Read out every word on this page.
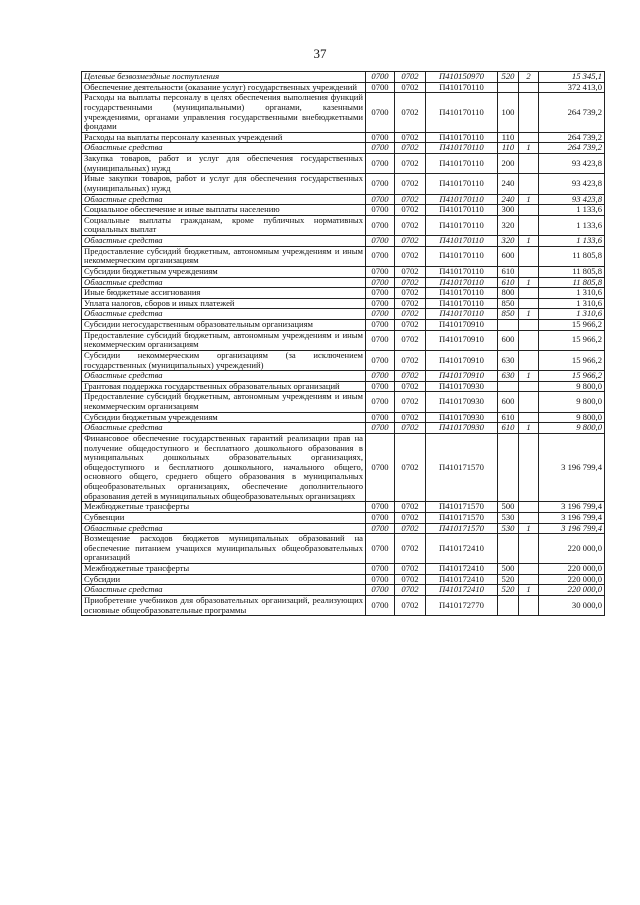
37
Целевые безвозмездные поступления	0700	0702	П410150970	520	2	15 345,1
Обеспечение деятельности (оказание услуг) государственных учреждений	0700	0702	П410170110			372 413,0
Расходы на выплаты персоналу в целях обеспечения выполнения функций государственными (муниципальными) органами, казенными учреждениями, органами управления государственными внебюджетными фондами	0700	0702	П410170110	100		264 739,2
Расходы на выплаты персоналу казенных учреждений	0700	0702	П410170110	110		264 739,2
Областные средства	0700	0702	П410170110	110	1	264 739,2
Закупка товаров, работ и услуг для обеспечения государственных (муниципальных) нужд	0700	0702	П410170110	200		93 423,8
Иные закупки товаров, работ и услуг для обеспечения государственных (муниципальных) нужд	0700	0702	П410170110	240		93 423,8
Областные средства	0700	0702	П410170110	240	1	93 423,8
Социальное обеспечение и иные выплаты населению	0700	0702	П410170110	300		1 133,6
Социальные выплаты гражданам, кроме публичных нормативных социальных выплат	0700	0702	П410170110	320		1 133,6
Областные средства	0700	0702	П410170110	320	1	1 133,6
Предоставление субсидий бюджетным, автономным учреждениям и иным некоммерческим организациям	0700	0702	П410170110	600		11 805,8
Субсидии бюджетным учреждениям	0700	0702	П410170110	610		11 805,8
Областные средства	0700	0702	П410170110	610	1	11 805,8
Иные бюджетные ассигнования	0700	0702	П410170110	800		1 310,6
Уплата налогов, сборов и иных платежей	0700	0702	П410170110	850		1 310,6
Областные средства	0700	0702	П410170110	850	1	1 310,6
Субсидии негосударственным образовательным организациям	0700	0702	П410170910			15 966,2
Предоставление субсидий бюджетным, автономным учреждениям и иным некоммерческим организациям	0700	0702	П410170910	600		15 966,2
Субсидии некоммерческим организациям (за исключением государственных (муниципальных) учреждений)	0700	0702	П410170910	630		15 966,2
Областные средства	0700	0702	П410170910	630	1	15 966,2
Грантовая поддержка государственных образовательных организаций	0700	0702	П410170930			9 800,0
Предоставление субсидий бюджетным, автономным учреждениям и иным некоммерческим организациям	0700	0702	П410170930	600		9 800,0
Субсидии бюджетным учреждениям	0700	0702	П410170930	610		9 800,0
Областные средства	0700	0702	П410170930	610	1	9 800,0
Финансовое обеспечение государственных гарантий реализации прав на получение общедоступного и бесплатного дошкольного образования в муниципальных дошкольных образовательных организациях, общедоступного и бесплатного дошкольного, начального общего, основного общего, среднего общего образования в муниципальных общеобразовательных организациях, обеспечение дополнительного образования детей в муниципальных общеобразовательных организациях	0700	0702	П410171570			3 196 799,4
Межбюджетные трансферты	0700	0702	П410171570	500		3 196 799,4
Субвенции	0700	0702	П410171570	530		3 196 799,4
Областные средства	0700	0702	П410171570	530	1	3 196 799,4
Возмещение расходов бюджетов муниципальных образований на обеспечение питанием учащихся муниципальных общеобразовательных организаций	0700	0702	П410172410			220 000,0
Межбюджетные трансферты	0700	0702	П410172410	500		220 000,0
Субсидии	0700	0702	П410172410	520		220 000,0
Областные средства	0700	0702	П410172410	520	1	220 000,0
Приобретение учебников для образовательных организаций, реализующих основные общеобразовательные программы	0700	0702	П410172770			30 000,0
